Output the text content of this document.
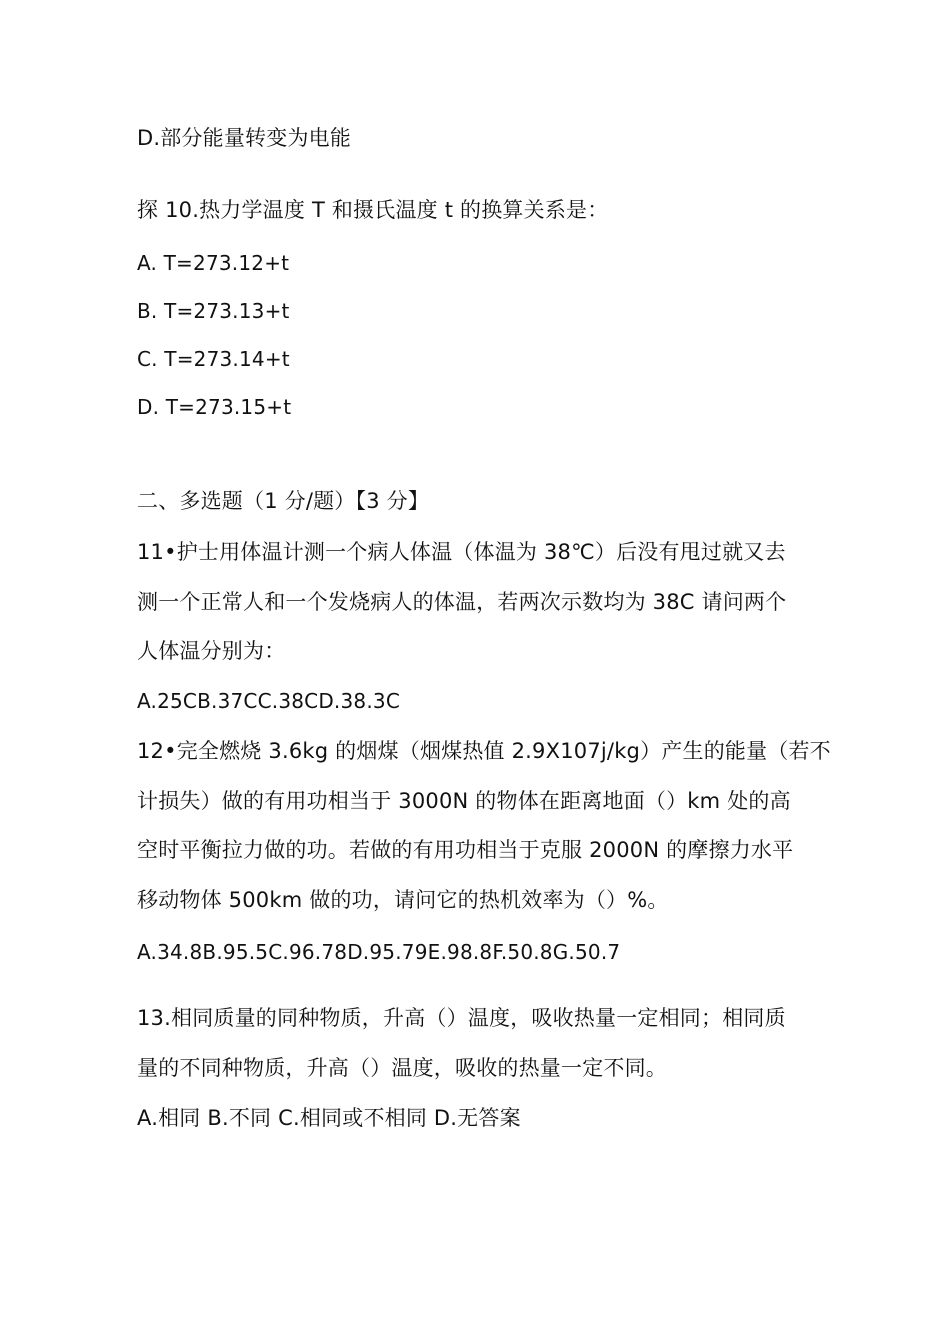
D.部分能量转变为电能
探 10.热力学温度 T 和摄氏温度 t 的换算关系是：
A. T=273.12+t
B. T=273.13+t
C. T=273.14+t
D. T=273.15+t
二、多选题（1 分/题）【3 分】
11•护士用体温计测一个病人体温（体温为 38℃）后没有甩过就又去
测一个正常人和一个发烧病人的体温，若两次示数均为 38C 请问两个
人体温分别为：
A.25CB.37CC.38CD.38.3C
12•完全燃烧 3.6kg 的烟煤（烟煤热值 2.9X107j/kg）产生的能量（若不
计损失）做的有用功相当于 3000N 的物体在距离地面（）km 处的高
空时平衡拉力做的功。若做的有用功相当于克服 2000N 的摩擦力水平
移动物体 500km 做的功，请问它的热机效率为（）%。
A.34.8B.95.5C.96.78D.95.79E.98.8F.50.8G.50.7
13.相同质量的同种物质，升高（）温度，吸收热量一定相同；相同质
量的不同种物质，升高（）温度，吸收的热量一定不同。
A.相同 B.不同 C.相同或不相同 D.无答案
